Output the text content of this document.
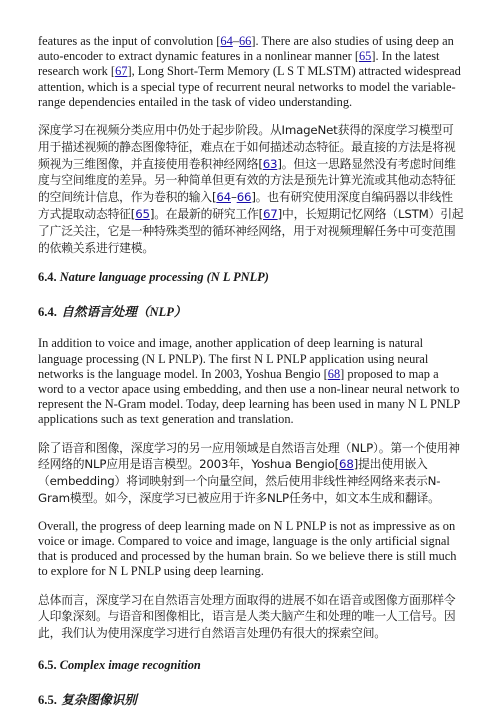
features as the input of convolution [64–66]. There are also studies of using deep an auto-encoder to extract dynamic features in a nonlinear manner [65]. In the latest research work [67], Long Short-Term Memory (L S T MLSTM) attracted widespread attention, which is a special type of recurrent neural networks to model the variable-range dependencies entailed in the task of video understanding.

深度学习在视频分类应用中仍处于起步阶段。从ImageNet获得的深度学习模型可用于描述视频的静态图像特征，难点在于如何描述动态特征。最直接的方法是将视频视为三维图像，并直接使用卷积神经网络[63]。但这一思路显然没有考虑时间维度与空间维度的差异。另一种简单但更有效的方法是预先计算光流或其他动态特征的空间统计信息，作为卷积的输入[64–66]。也有研究使用深度自编码器以非线性方式提取动态特征[65]。在最新的研究工作[67]中，长短期记忆网络（LSTM）引起了广泛关注，它是一种特殊类型的循环神经网络，用于对视频理解任务中可变范围的依赖关系进行建模。

6.4. Nature language processing (N L PNLP)

6.4. 自然语言处理（NLP）

In addition to voice and image, another application of deep learning is natural language processing (N L PNLP). The first N L PNLP application using neural networks is the language model. In 2003, Yoshua Bengio [68] proposed to map a word to a vector apace using embedding, and then use a non-linear neural network to represent the N-Gram model. Today, deep learning has been used in many N L PNLP applications such as text generation and translation.

除了语音和图像，深度学习的另一应用领域是自然语言处理（NLP）。第一个使用神经网络的NLP应用是语言模型。2003年，Yoshua Bengio[68]提出使用嵌入（embedding）将词映射到一个向量空间，然后使用非线性神经网络来表示N-Gram模型。如今，深度学习已被应用于许多NLP任务中，如文本生成和翻译。

Overall, the progress of deep learning made on N L PNLP is not as impressive as on voice or image. Compared to voice and image, language is the only artificial signal that is produced and processed by the human brain. So we believe there is still much to explore for N L PNLP using deep learning.

总体而言，深度学习在自然语言处理方面取得的进展不如在语音或图像方面那样令人印象深刻。与语音和图像相比，语言是人类大脑产生和处理的唯一人工信号。因此，我们认为使用深度学习进行自然语言处理仍有很大的探索空间。

6.5. Complex image recognition

6.5. 复杂图像识别
